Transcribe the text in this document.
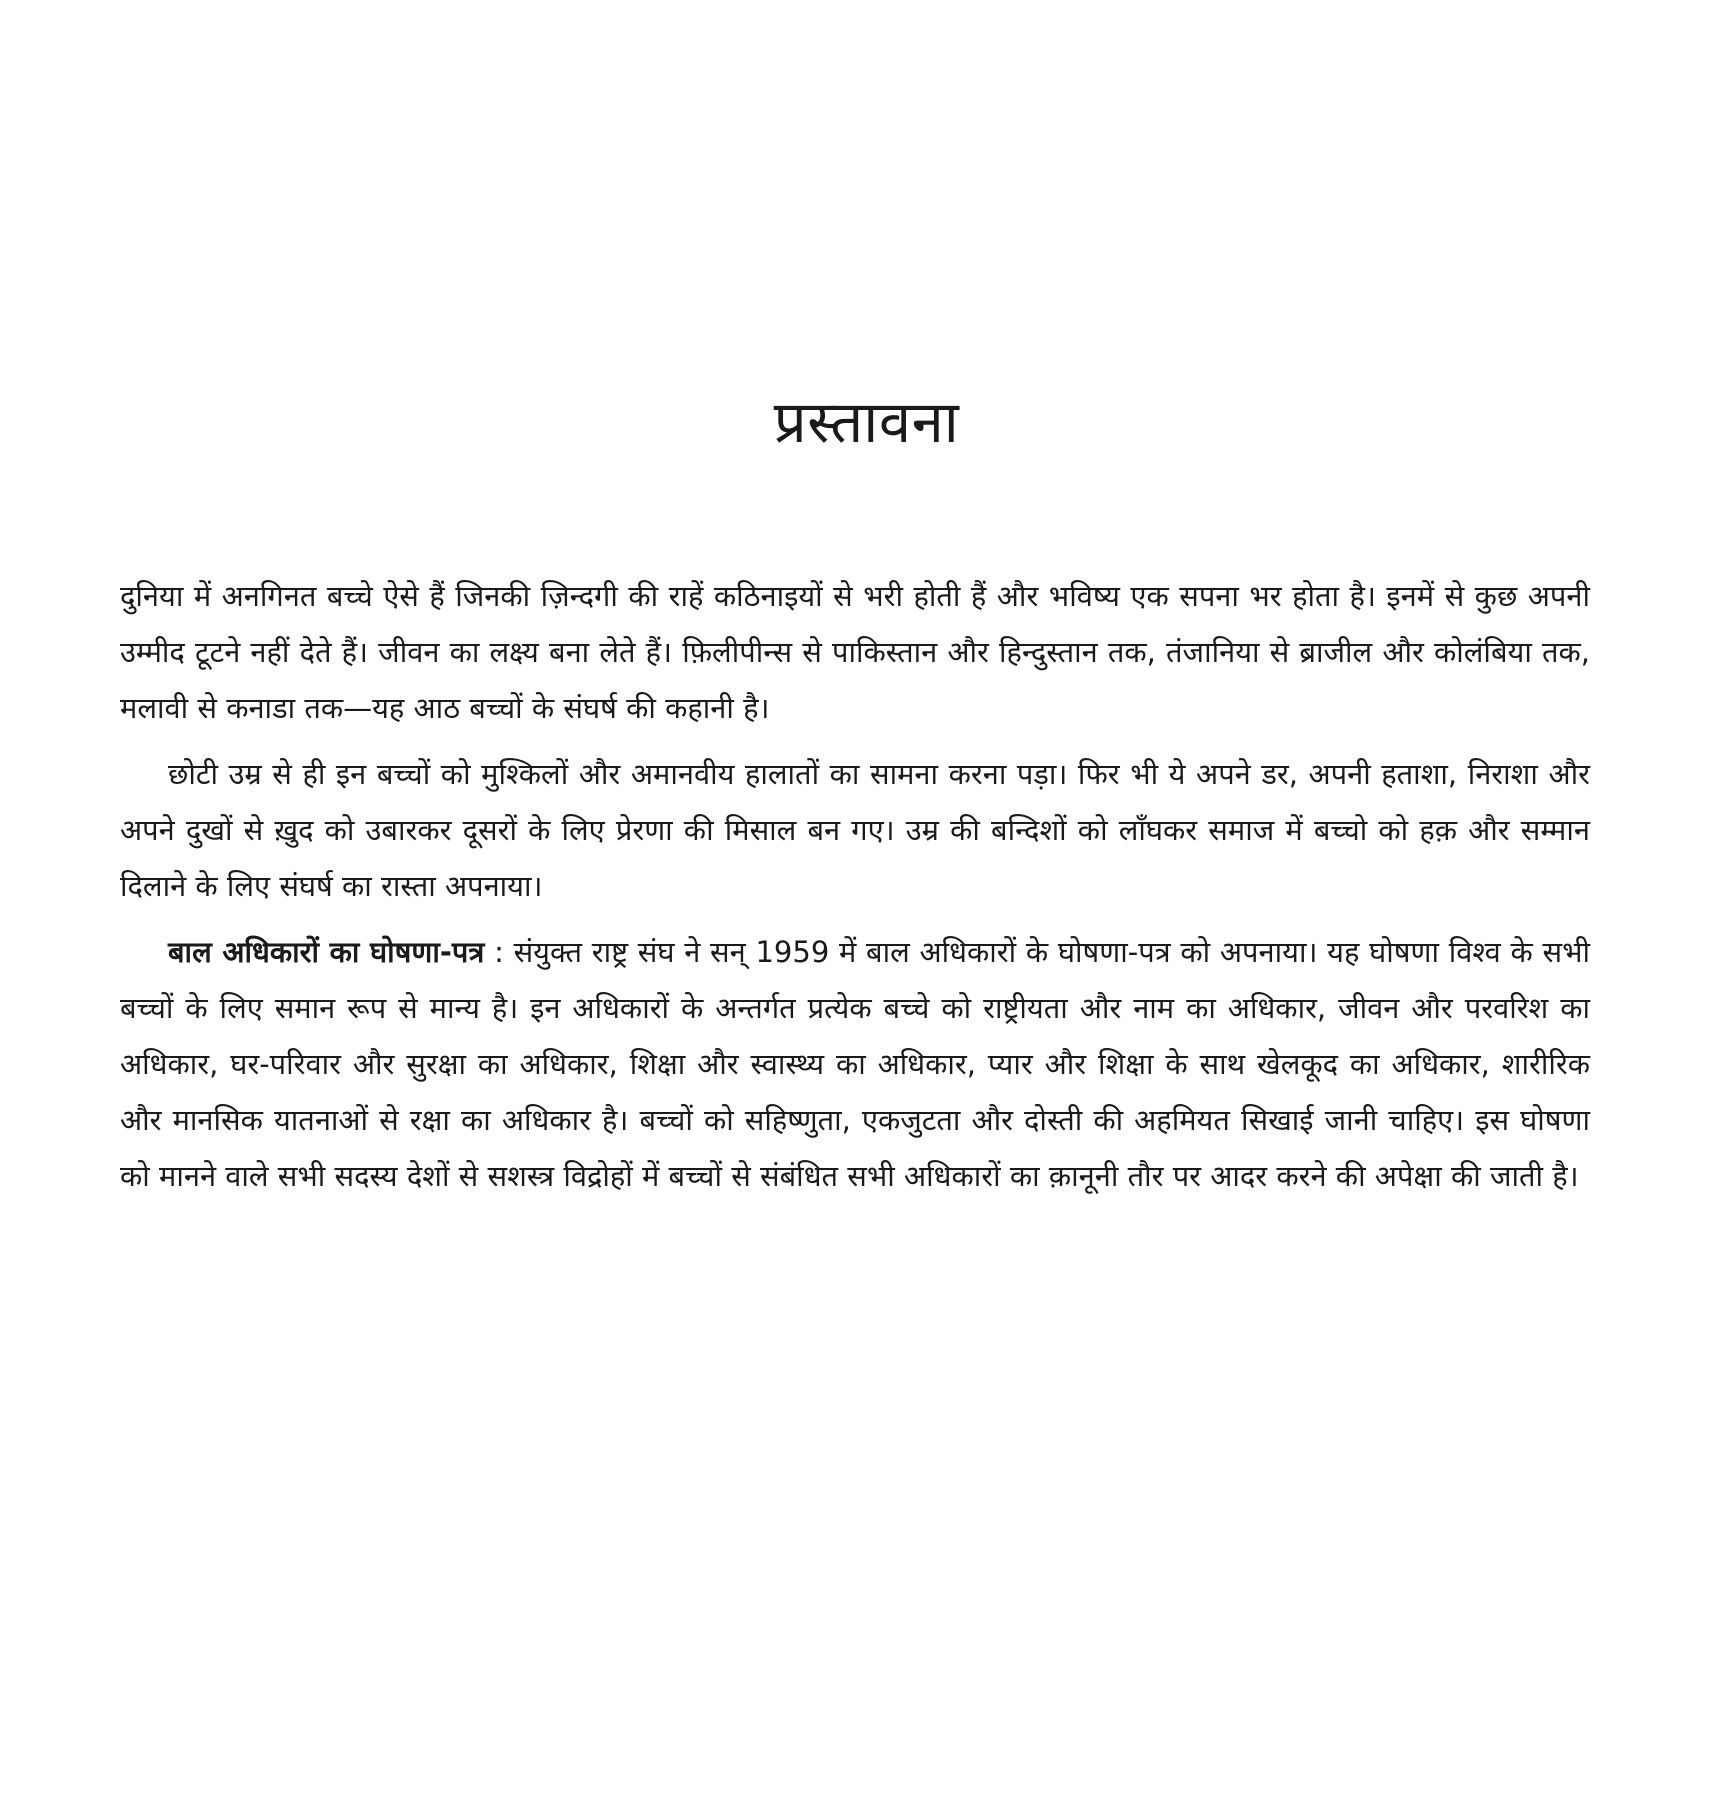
प्रस्तावना

दुनिया में अनगिनत बच्चे ऐसे हैं जिनकी ज़िन्दगी की राहें कठिनाइयों से भरी होती हैं और भविष्य एक सपना भर होता है। इनमें से कुछ अपनी उम्मीद टूटने नहीं देते हैं। जीवन का लक्ष्य बना लेते हैं। फ़िलीपीन्स से पाकिस्तान और हिन्दुस्तान तक, तंजानिया से ब्राजील और कोलंबिया तक, मलावी से कनाडा तक—यह आठ बच्चों के संघर्ष की कहानी है।

छोटी उम्र से ही इन बच्चों को मुश्किलों और अमानवीय हालातों का सामना करना पड़ा। फिर भी ये अपने डर, अपनी हताशा, निराशा और अपने दुखों से ख़ुद को उबारकर दूसरों के लिए प्रेरणा की मिसाल बन गए। उम्र की बन्दिशों को लाँघकर समाज में बच्चो को हक़ और सम्मान दिलाने के लिए संघर्ष का रास्ता अपनाया।

बाल अधिकारों का घोषणा-पत्र : संयुक्त राष्ट्र संघ ने सन् 1959 में बाल अधिकारों के घोषणा-पत्र को अपनाया। यह घोषणा विश्व के सभी बच्चों के लिए समान रूप से मान्य है। इन अधिकारों के अन्तर्गत प्रत्येक बच्चे को राष्ट्रीयता और नाम का अधिकार, जीवन और परवरिश का अधिकार, घर-परिवार और सुरक्षा का अधिकार, शिक्षा और स्वास्थ्य का अधिकार, प्यार और शिक्षा के साथ खेलकूद का अधिकार, शारीरिक और मानसिक यातनाओं से रक्षा का अधिकार है। बच्चों को सहिष्णुता, एकजुटता और दोस्ती की अहमियत सिखाई जानी चाहिए। इस घोषणा को मानने वाले सभी सदस्य देशों से सशस्त्र विद्रोहों में बच्चों से संबंधित सभी अधिकारों का क़ानूनी तौर पर आदर करने की अपेक्षा की जाती है।
